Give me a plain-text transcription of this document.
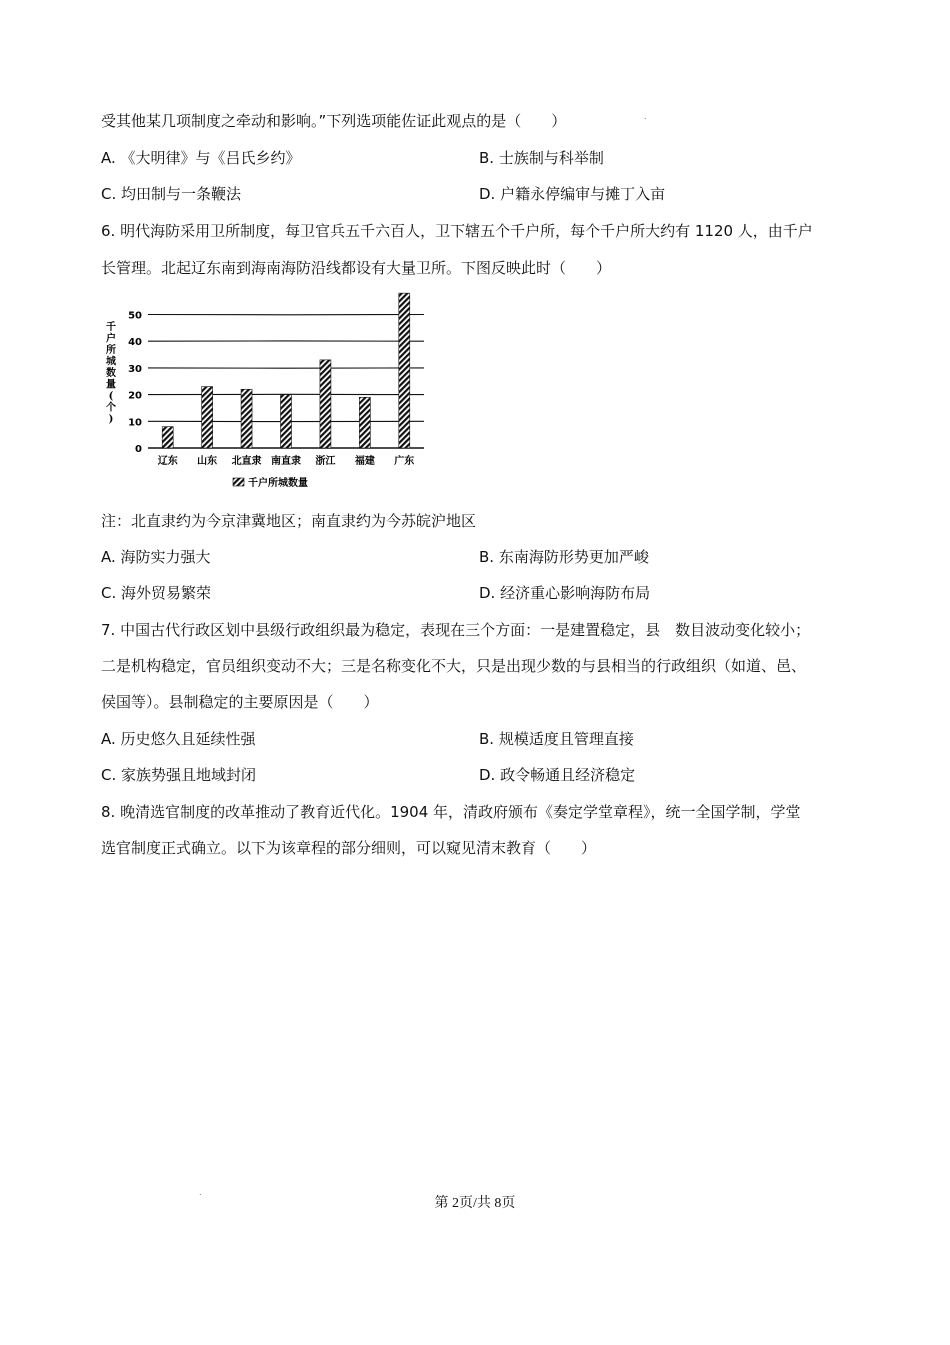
受其他某几项制度之牵动和影响。”下列选项能佐证此观点的是（　　）	.
A. 《大明律》与《吕氏乡约》	B. 士族制与科举制
C. 均田制与一条鞭法	D. 户籍永停编审与摊丁入亩
6. 明代海防采用卫所制度，每卫官兵五千六百人，卫下辖五个千户所，每个千户所大约有 1120 人，由千户
长管理。北起辽东南到海南海防沿线都设有大量卫所。下图反映此时（　　）
0
10
20
30
40
50
辽东 山东 北直隶 南直隶 浙江 福建 广东
千
户
所
城
数
量
(
个
)
千户所城数量
注：北直隶约为今京津冀地区；南直隶约为今苏皖沪地区
A. 海防实力强大	B. 东南海防形势更加严峻
C. 海外贸易繁荣	D. 经济重心影响海防布局
7. 中国古代行政区划中县级行政组织最为稳定，表现在三个方面：一是建置稳定，县　数目波动变化较小；
二是机构稳定，官员组织变动不大；三是名称变化不大，只是出现少数的与县相当的行政组织（如道、邑、
侯国等）。县制稳定的主要原因是（　　）
A. 历史悠久且延续性强	B. 规模适度且管理直接
C. 家族势强且地域封闭	D. 政令畅通且经济稳定
8. 晚清选官制度的改革推动了教育近代化。1904 年，清政府颁布《奏定学堂章程》，统一全国学制，学堂
选官制度正式确立。以下为该章程的部分细则，可以窥见清末教育（　　）
.
第 2页/共 8页
